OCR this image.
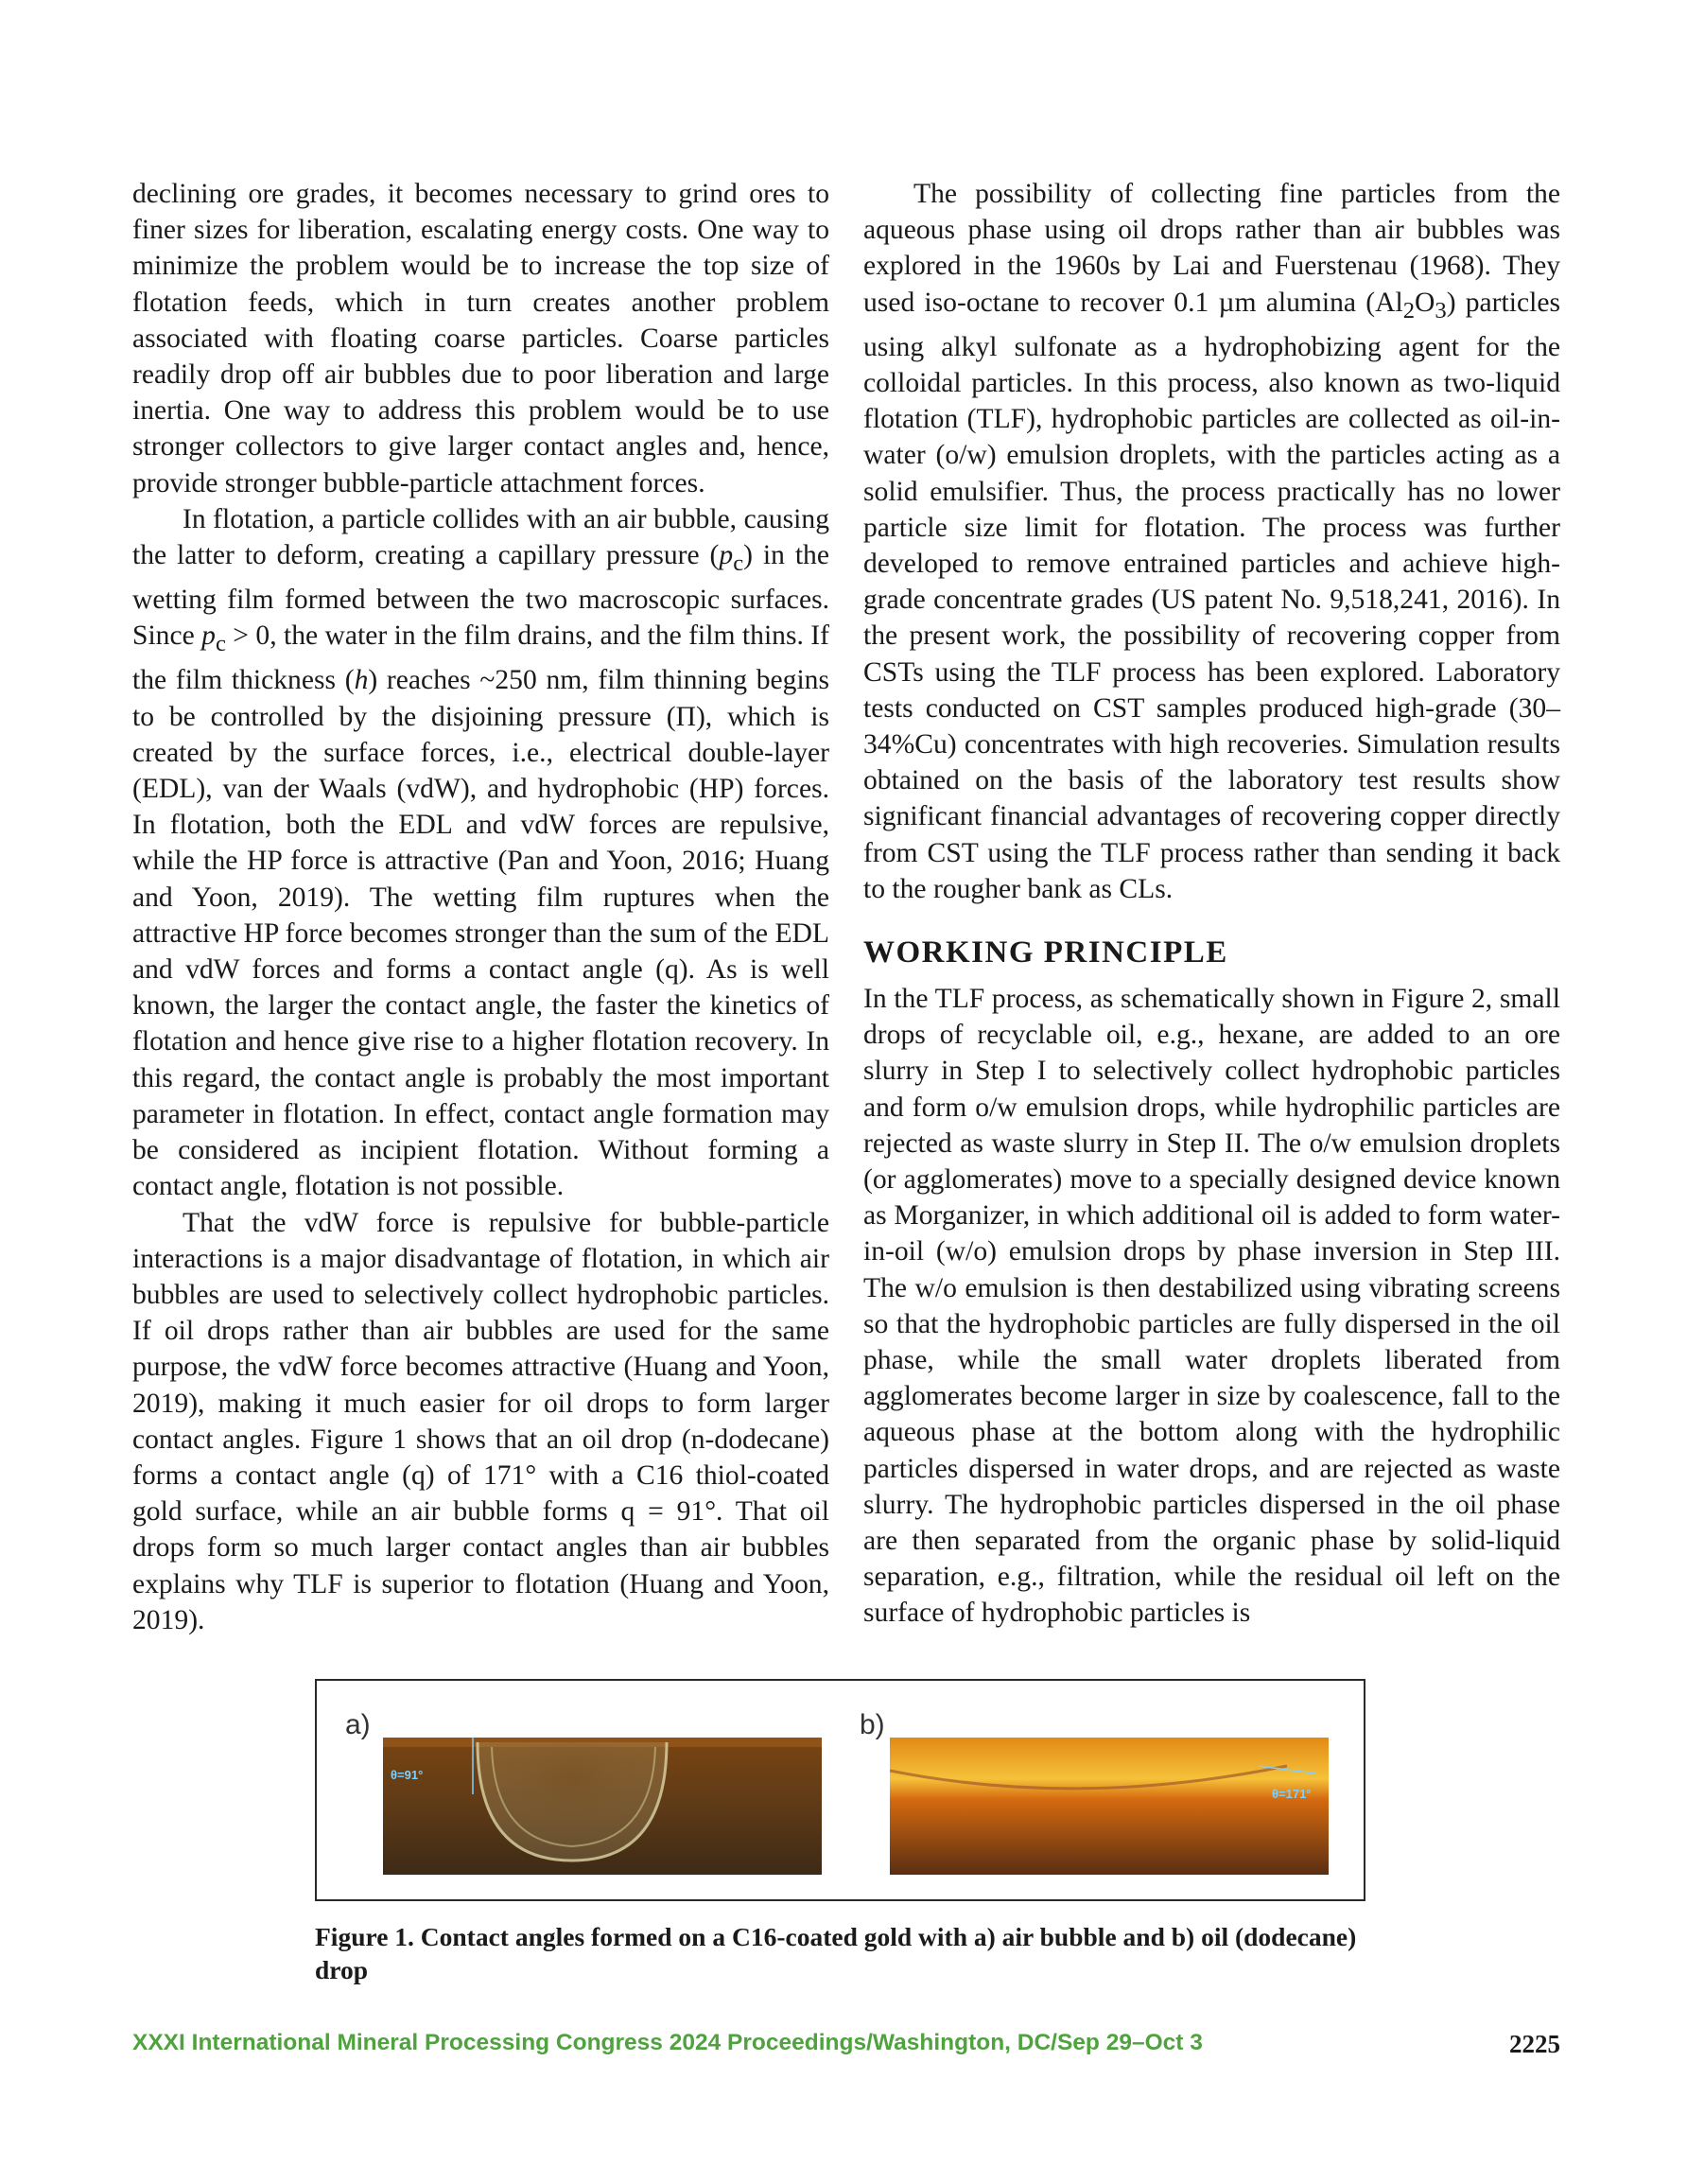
declining ore grades, it becomes necessary to grind ores to finer sizes for liberation, escalating energy costs. One way to minimize the problem would be to increase the top size of flotation feeds, which in turn creates another problem associated with floating coarse particles. Coarse particles readily drop off air bubbles due to poor liberation and large inertia. One way to address this problem would be to use stronger collectors to give larger contact angles and, hence, provide stronger bubble-particle attachment forces.

In flotation, a particle collides with an air bubble, causing the latter to deform, creating a capillary pressure $(p_c)$ in the wetting film formed between the two macroscopic surfaces. Since $p_c > 0$, the water in the film drains, and the film thins. If the film thickness (h) reaches ~250 nm, film thinning begins to be controlled by the disjoining pressure (Π), which is created by the surface forces, i.e., electrical double-layer (EDL), van der Waals (vdW), and hydrophobic (HP) forces. In flotation, both the EDL and vdW forces are repulsive, while the HP force is attractive (Pan and Yoon, 2016; Huang and Yoon, 2019). The wetting film ruptures when the attractive HP force becomes stronger than the sum of the EDL and vdW forces and forms a contact angle (q). As is well known, the larger the contact angle, the faster the kinetics of flotation and hence give rise to a higher flotation recovery. In this regard, the contact angle is probably the most important parameter in flotation. In effect, contact angle formation may be considered as incipient flotation. Without forming a contact angle, flotation is not possible.

That the vdW force is repulsive for bubble-particle interactions is a major disadvantage of flotation, in which air bubbles are used to selectively collect hydrophobic particles. If oil drops rather than air bubbles are used for the same purpose, the vdW force becomes attractive (Huang and Yoon, 2019), making it much easier for oil drops to form larger contact angles. Figure 1 shows that an oil drop (n-dodecane) forms a contact angle (q) of 171° with a C16 thiol-coated gold surface, while an air bubble forms q = 91°. That oil drops form so much larger contact angles than air bubbles explains why TLF is superior to flotation (Huang and Yoon, 2019).

The possibility of collecting fine particles from the aqueous phase using oil drops rather than air bubbles was explored in the 1960s by Lai and Fuerstenau (1968). They used iso-octane to recover 0.1 µm alumina $(Al_2O_3)$ particles using alkyl sulfonate as a hydrophobizing agent for the colloidal particles. In this process, also known as two-liquid flotation (TLF), hydrophobic particles are collected as oil-in-water (o/w) emulsion droplets, with the particles acting as a solid emulsifier. Thus, the process practically has no lower particle size limit for flotation. The process was further developed to remove entrained particles and achieve high-grade concentrate grades (US patent No. 9,518,241, 2016). In the present work, the possibility of recovering copper from CSTs using the TLF process has been explored. Laboratory tests conducted on CST samples produced high-grade (30–34%Cu) concentrates with high recoveries. Simulation results obtained on the basis of the laboratory test results show significant financial advantages of recovering copper directly from CST using the TLF process rather than sending it back to the rougher bank as CLs.

WORKING PRINCIPLE

In the TLF process, as schematically shown in Figure 2, small drops of recyclable oil, e.g., hexane, are added to an ore slurry in Step I to selectively collect hydrophobic particles and form o/w emulsion drops, while hydrophilic particles are rejected as waste slurry in Step II. The o/w emulsion droplets (or agglomerates) move to a specially designed device known as Morganizer, in which additional oil is added to form water-in-oil (w/o) emulsion drops by phase inversion in Step III. The w/o emulsion is then destabilized using vibrating screens so that the hydrophobic particles are fully dispersed in the oil phase, while the small water droplets liberated from agglomerates become larger in size by coalescence, fall to the aqueous phase at the bottom along with the hydrophilic particles dispersed in water drops, and are rejected as waste slurry. The hydrophobic particles dispersed in the oil phase are then separated from the organic phase by solid-liquid separation, e.g., filtration, while the residual oil left on the surface of hydrophobic particles is

a)	b)
θ=91°
θ=171°
Figure 1. Contact angles formed on a C16-coated gold with a) air bubble and b) oil (dodecane) drop
XXXI International Mineral Processing Congress 2024 Proceedings/Washington, DC/Sep 29–Oct 3	2225
